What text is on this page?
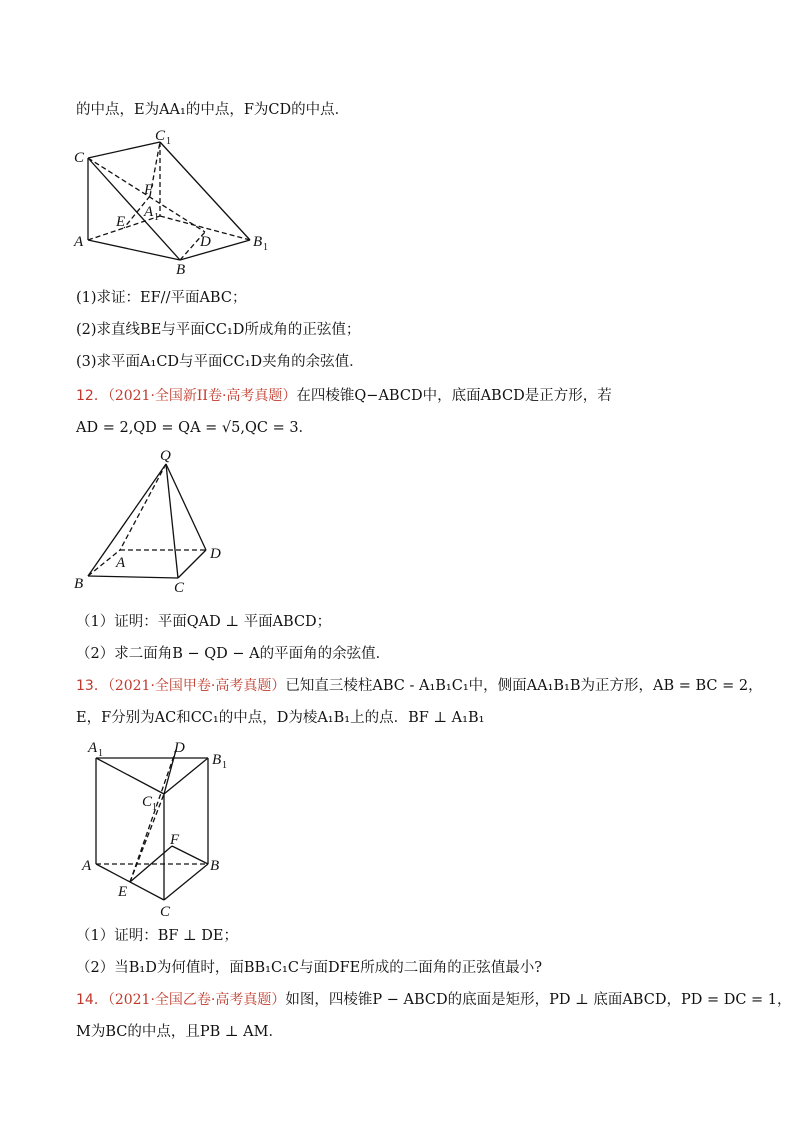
的中点，E为AA₁的中点，F为CD的中点．
C
C 1
F
A 1
E
D
A
B
B 1
(1)求证：EF//平面ABC；
(2)求直线BE与平面CC₁D所成角的正弦值；
(3)求平面A₁CD与平面CC₁D夹角的余弦值．
12．（2021·全国新II卷·高考真题）在四棱锥Q−ABCD中，底面ABCD是正方形，若
AD = 2,QD = QA = √5,QC = 3．
Q
D
A
B	C
（1）证明：平面QAD ⊥ 平面ABCD；
（2）求二面角B − QD − A的平面角的余弦值．
13．（2021·全国甲卷·高考真题）已知直三棱柱ABC - A₁B₁C₁中，侧面AA₁B₁B为正方形，AB = BC = 2，
E，F分别为AC和CC₁的中点，D为棱A₁B₁上的点．BF ⊥ A₁B₁
A 1	D
B 1
C 1
F
A	B
E
C
（1）证明：BF ⊥ DE；
（2）当B₁D为何值时，面BB₁C₁C与面DFE所成的二面角的正弦值最小?
14．（2021·全国乙卷·高考真题）如图，四棱锥P − ABCD的底面是矩形，PD ⊥ 底面ABCD，PD = DC = 1，
M为BC的中点，且PB ⊥ AM．
